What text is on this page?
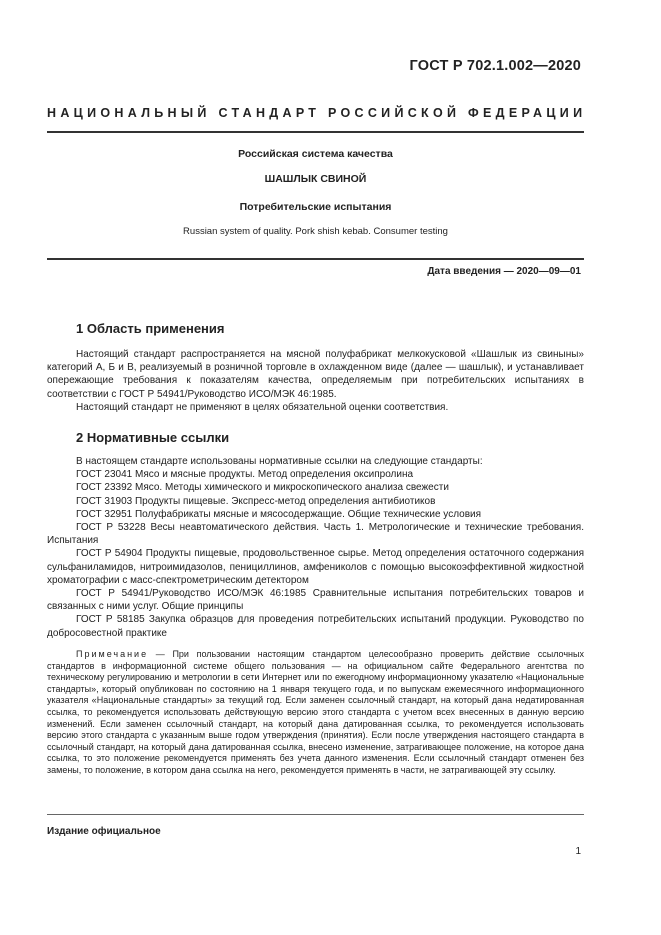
ГОСТ Р 702.1.002—2020
НАЦИОНАЛЬНЫЙ СТАНДАРТ РОССИЙСКОЙ ФЕДЕРАЦИИ
Российская система качества
ШАШЛЫК СВИНОЙ
Потребительские испытания
Russian system of quality. Pork shish kebab. Consumer testing
Дата введения — 2020—09—01
1 Область применения

Настоящий стандарт распространяется на мясной полуфабрикат мелкокусковой «Шашлык из свиныны» категорий А, Б и В, реализуемый в розничной торговле в охлажденном виде (далее — шашлык), и устанавливает опережающие требования к показателям качества, определяемым при потребительских испытаниях в соответствии с ГОСТ Р 54941/Руководство ИСО/МЭК 46:1985.

Настоящий стандарт не применяют в целях обязательной оценки соответствия.

2 Нормативные ссылки

В настоящем стандарте использованы нормативные ссылки на следующие стандарты:

ГОСТ 23041 Мясо и мясные продукты. Метод определения оксипролина

ГОСТ 23392 Мясо. Методы химического и микроскопического анализа свежести

ГОСТ 31903 Продукты пищевые. Экспресс-метод определения антибиотиков

ГОСТ 32951 Полуфабрикаты мясные и мясосодержащие. Общие технические условия

ГОСТ Р 53228 Весы неавтоматического действия. Часть 1. Метрологические и технические требования. Испытания

ГОСТ Р 54904 Продукты пищевые, продовольственное сырье. Метод определения остаточного содержания сульфаниламидов, нитроимидазолов, пенициллинов, амфениколов с помощью высокоэффективной жидкостной хроматографии с масс-спектрометрическим детектором

ГОСТ Р 54941/Руководство ИСО/МЭК 46:1985 Сравнительные испытания потребительских товаров и связанных с ними услуг. Общие принципы

ГОСТ Р 58185 Закупка образцов для проведения потребительских испытаний продукции. Руководство по добросовестной практике

Примечание — При пользовании настоящим стандартом целесообразно проверить действие ссылочных стандартов в информационной системе общего пользования — на официальном сайте Федерального агентства по техническому регулированию и метрологии в сети Интернет или по ежегодному информационному указателю «Национальные стандарты», который опубликован по состоянию на 1 января текущего года, и по выпускам ежемесячного информационного указателя «Национальные стандарты» за текущий год. Если заменен ссылочный стандарт, на который дана недатированная ссылка, то рекомендуется использовать действующую версию этого стандарта с учетом всех внесенных в данную версию изменений. Если заменен ссылочный стандарт, на который дана датированная ссылка, то рекомендуется использовать версию этого стандарта с указанным выше годом утверждения (принятия). Если после утверждения настоящего стандарта в ссылочный стандарт, на который дана датированная ссылка, внесено изменение, затрагивающее положение, на которое дана ссылка, то это положение рекомендуется применять без учета данного изменения. Если ссылочный стандарт отменен без замены, то положение, в котором дана ссылка на него, рекомендуется применять в части, не затрагивающей эту ссылку.

Издание официальное
1
